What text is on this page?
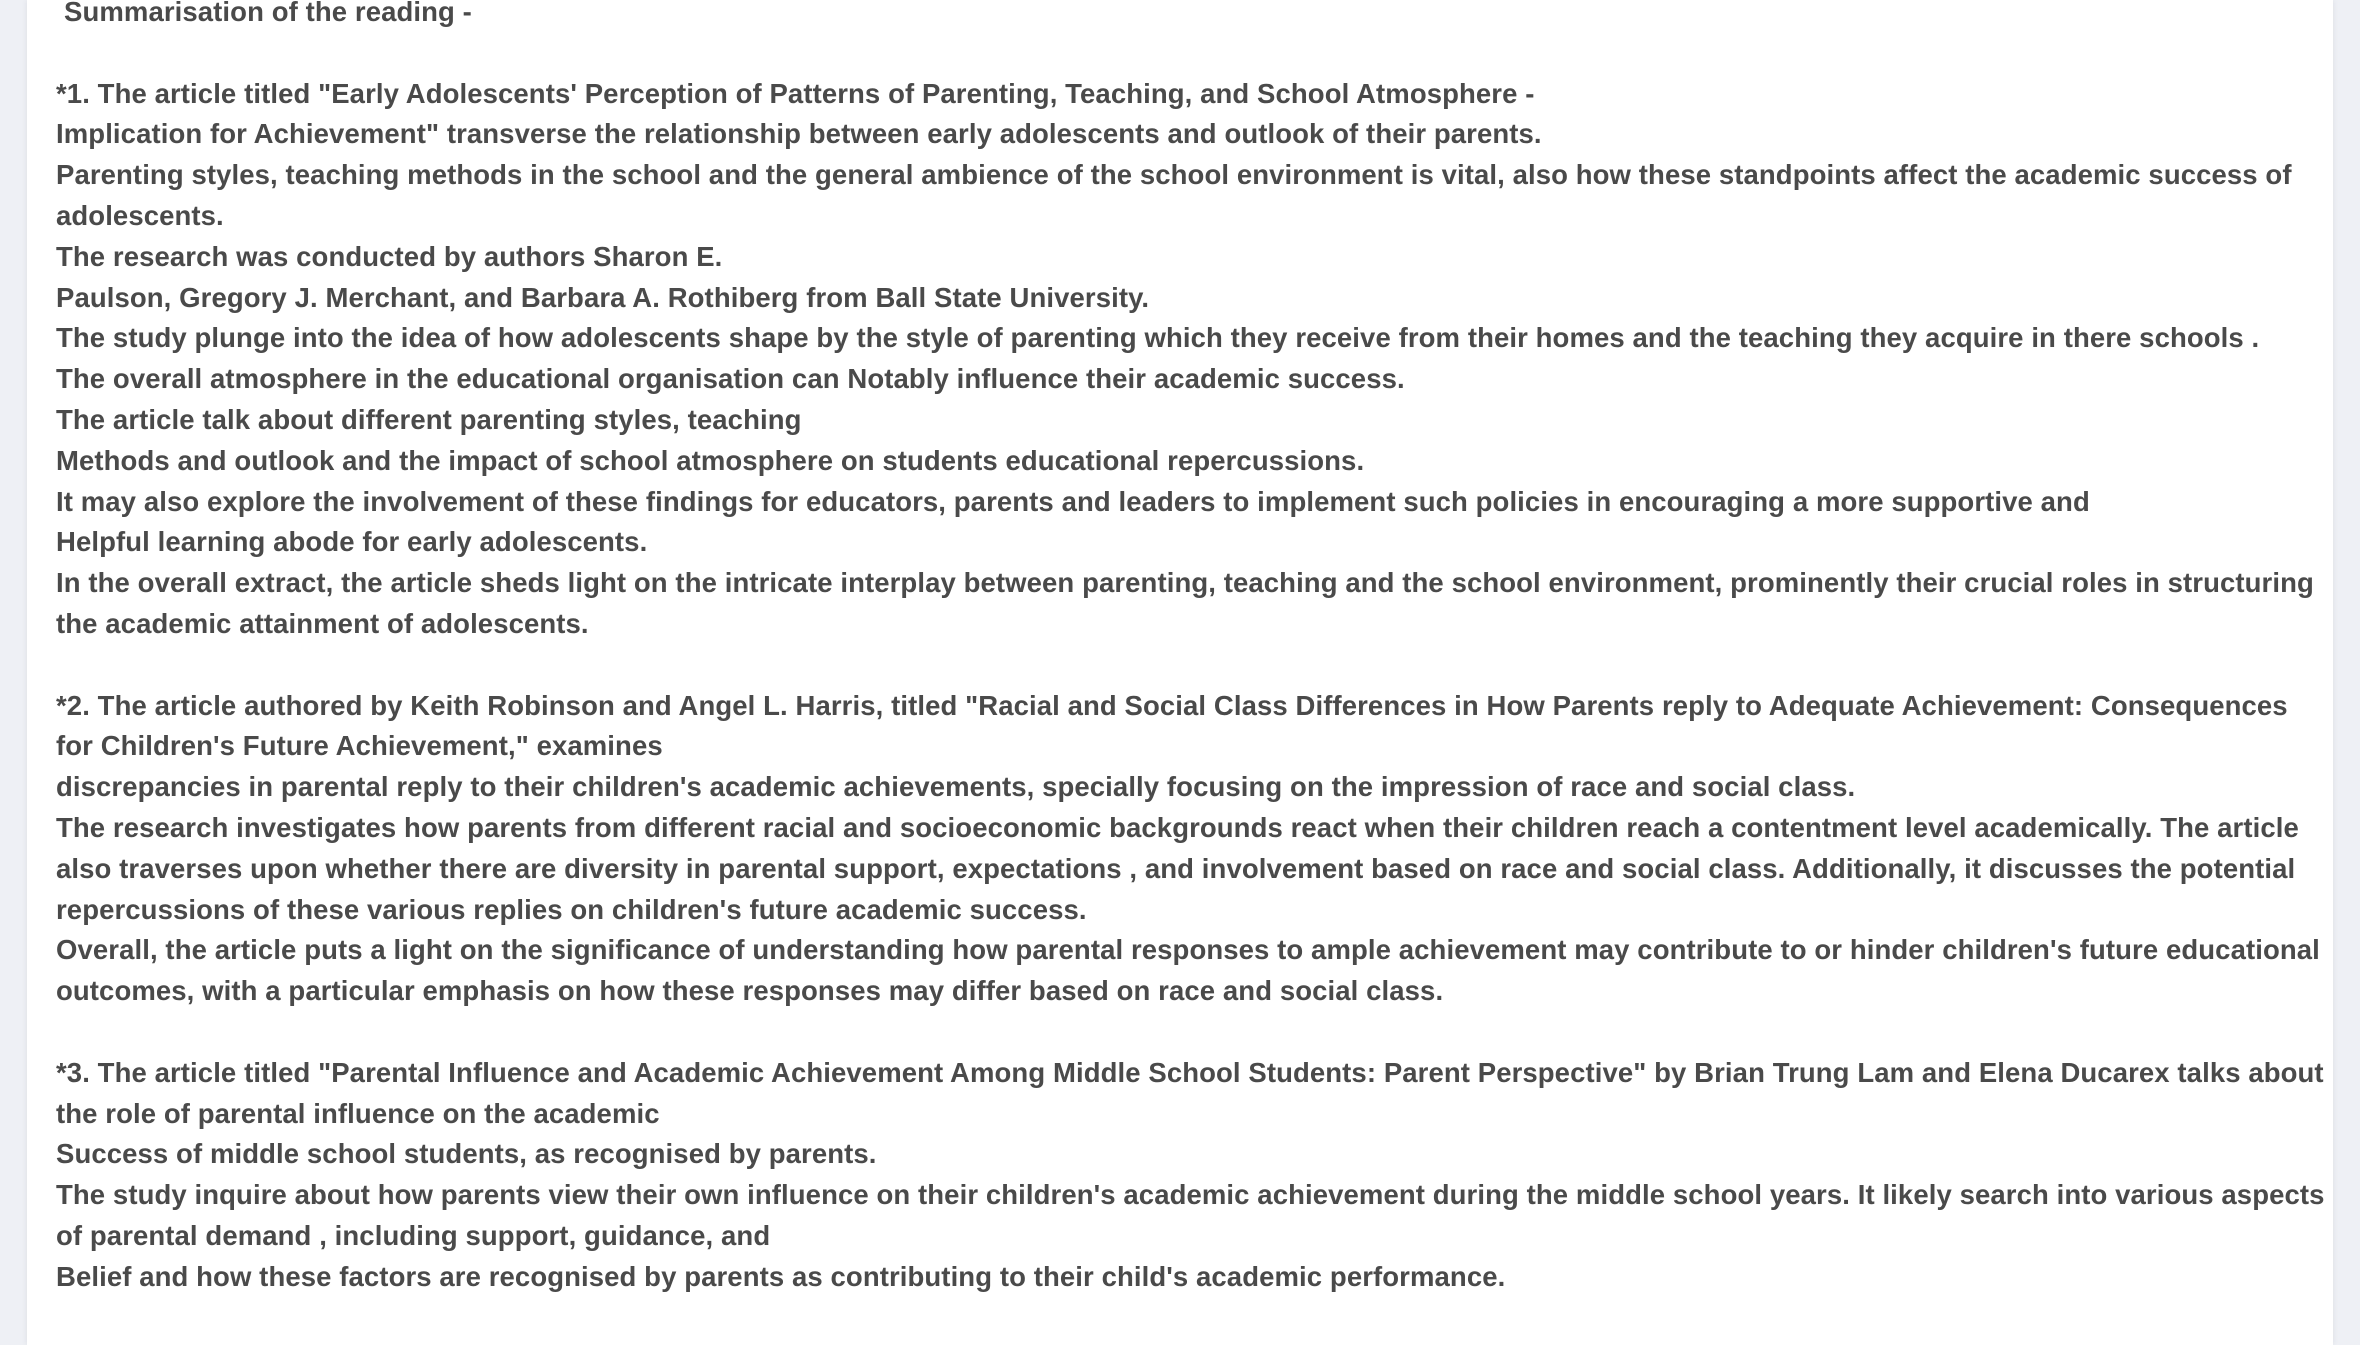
Summarisation of the reading -
*1. The article titled "Early Adolescents' Perception of Patterns of Parenting, Teaching, and School Atmosphere -
Implication for Achievement" transverse the relationship between early adolescents and outlook of their parents.
Parenting styles, teaching methods in the school and the general ambience of the school environment is vital, also how these standpoints affect the academic success of
adolescents.
The research was conducted by authors Sharon E.
Paulson, Gregory J. Merchant, and Barbara A. Rothiberg from Ball State University.
The study plunge into the idea of how adolescents shape by the style of parenting which they receive from their homes and the teaching they acquire in there schools .
The overall atmosphere in the educational organisation can Notably influence their academic success.
The article talk about different parenting styles, teaching
Methods and outlook and the impact of school atmosphere on students educational repercussions.
It may also explore the involvement of these findings for educators, parents and leaders to implement such policies in encouraging a more supportive and
Helpful learning abode for early adolescents.
In the overall extract, the article sheds light on the intricate interplay between parenting, teaching and the school environment, prominently their crucial roles in structuring
the academic attainment of adolescents.
*2. The article authored by Keith Robinson and Angel L. Harris, titled "Racial and Social Class Differences in How Parents reply to Adequate Achievement: Consequences
for Children's Future Achievement," examines
discrepancies in parental reply to their children's academic achievements, specially focusing on the impression of race and social class.
The research investigates how parents from different racial and socioeconomic backgrounds react when their children reach a contentment level academically. The article
also traverses upon whether there are diversity in parental support, expectations , and involvement based on race and social class. Additionally, it discusses the potential
repercussions of these various replies on children's future academic success.
Overall, the article puts a light on the significance of understanding how parental responses to ample achievement may contribute to or hinder children's future educational
outcomes, with a particular emphasis on how these responses may differ based on race and social class.
*3. The article titled "Parental Influence and Academic Achievement Among Middle School Students: Parent Perspective" by Brian Trung Lam and Elena Ducarex talks about
the role of parental influence on the academic
Success of middle school students, as recognised by parents.
The study inquire about how parents view their own influence on their children's academic achievement during the middle school years. It likely search into various aspects
of parental demand , including support, guidance, and
Belief and how these factors are recognised by parents as contributing to their child's academic performance.
